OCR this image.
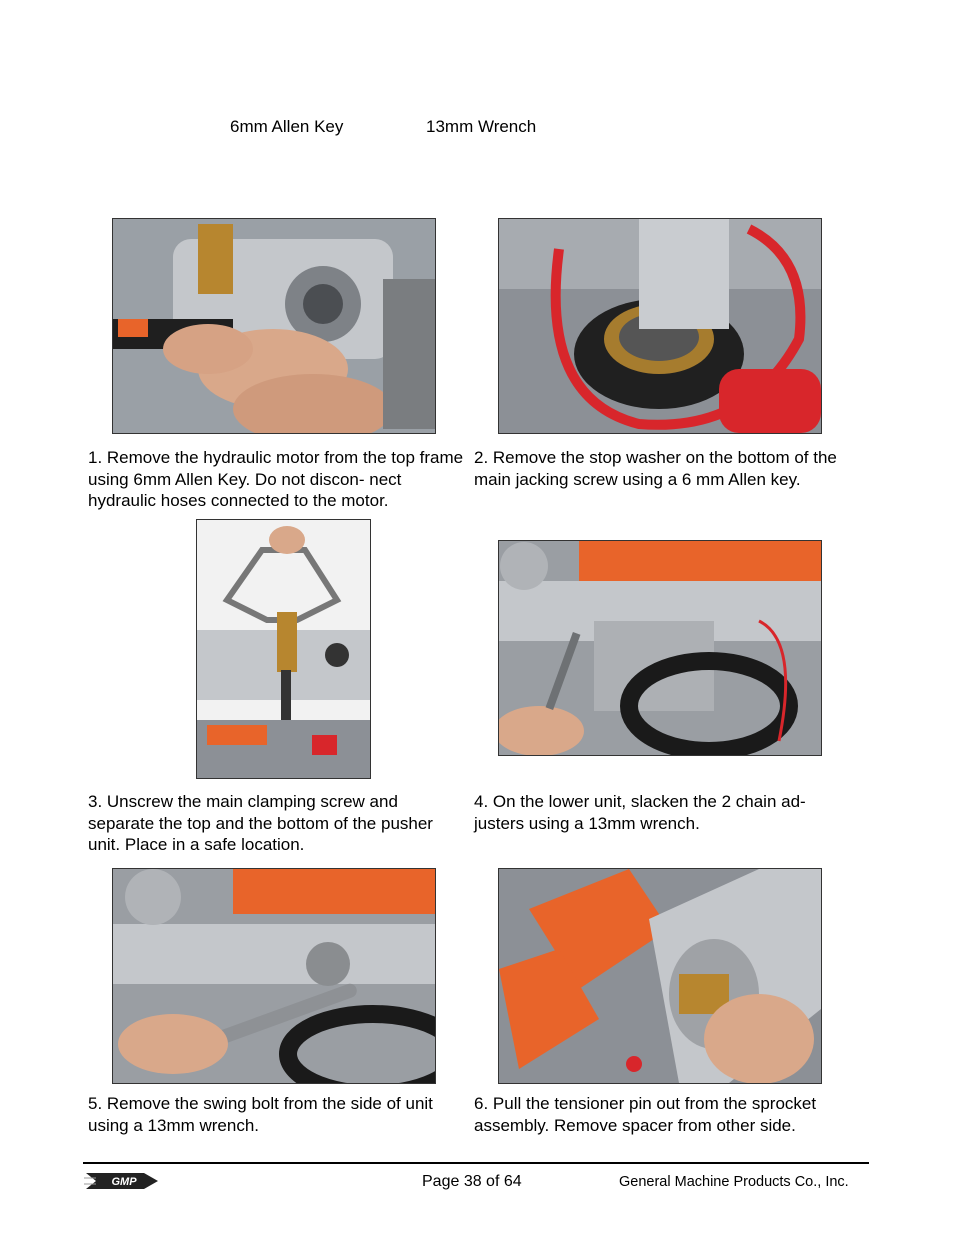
6mm Allen Key	13mm Wrench
1. Remove the hydraulic motor from the top frame using 6mm Allen Key. Do not discon- nect hydraulic hoses connected to the motor.
2. Remove the stop washer on the bottom of the main jacking screw using a 6 mm Allen key.
3. Unscrew the main clamping screw and separate the top and the bottom of the pusher unit. Place in a safe location.
4. On the lower unit, slacken the 2 chain ad- justers using a 13mm wrench.
5. Remove the swing bolt from the side of unit using a 13mm wrench.
6. Pull the tensioner pin out from the sprocket assembly. Remove spacer from other side.
GMP	Page 38 of 64	General Machine Products Co., Inc.
